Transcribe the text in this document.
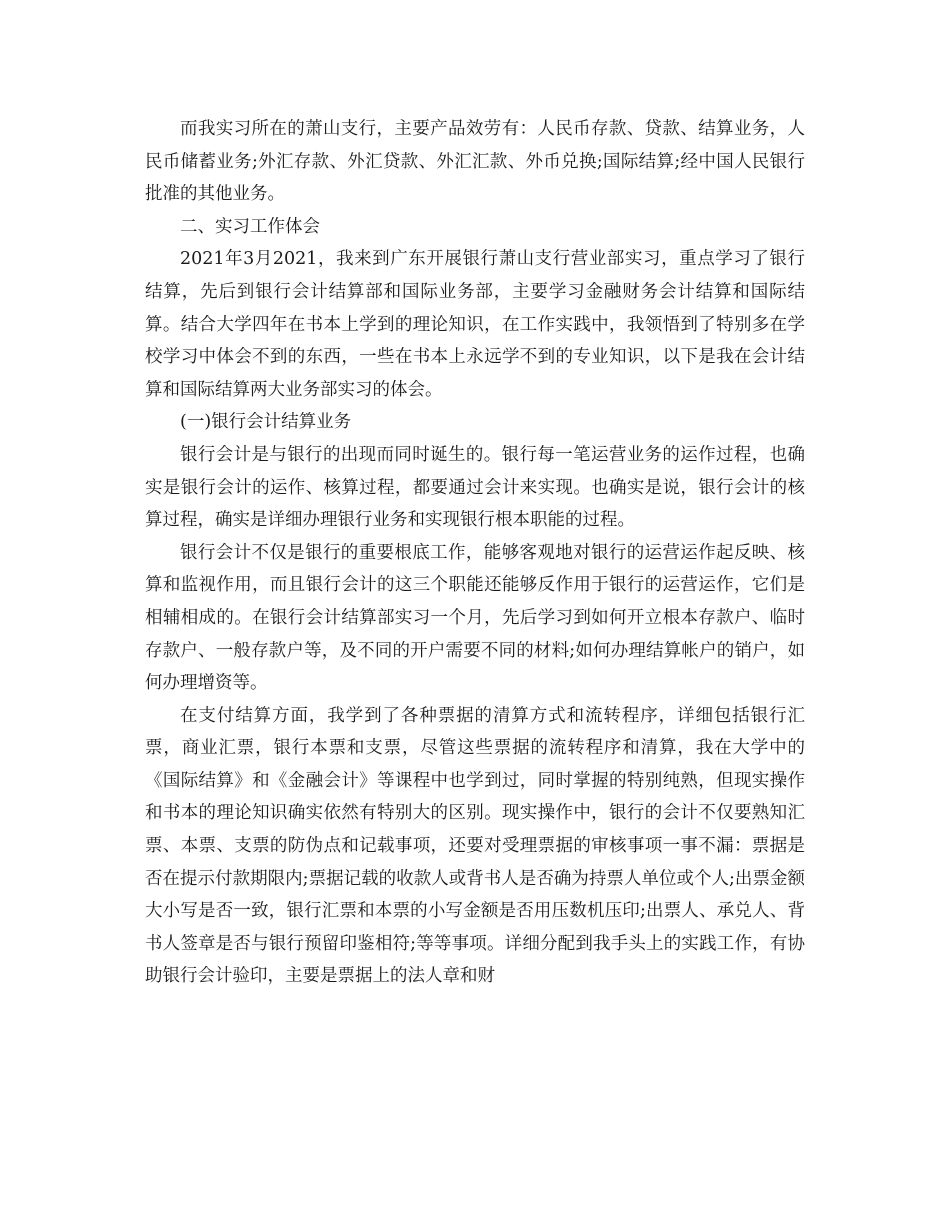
而我实习所在的萧山支行，主要产品效劳有：人民币存款、贷款、结算业务，人民币储蓄业务;外汇存款、外汇贷款、外汇汇款、外币兑换;国际结算;经中国人民银行批准的其他业务。

二、实习工作体会

2021年3月2021，我来到广东开展银行萧山支行营业部实习，重点学习了银行结算，先后到银行会计结算部和国际业务部，主要学习金融财务会计结算和国际结算。结合大学四年在书本上学到的理论知识，在工作实践中，我领悟到了特别多在学校学习中体会不到的东西，一些在书本上永远学不到的专业知识，以下是我在会计结算和国际结算两大业务部实习的体会。

(一)银行会计结算业务

银行会计是与银行的出现而同时诞生的。银行每一笔运营业务的运作过程，也确实是银行会计的运作、核算过程，都要通过会计来实现。也确实是说，银行会计的核算过程，确实是详细办理银行业务和实现银行根本职能的过程。

银行会计不仅是银行的重要根底工作，能够客观地对银行的运营运作起反映、核算和监视作用，而且银行会计的这三个职能还能够反作用于银行的运营运作，它们是相辅相成的。在银行会计结算部实习一个月，先后学习到如何开立根本存款户、临时存款户、一般存款户等，及不同的开户需要不同的材料;如何办理结算帐户的销户，如何办理增资等。

在支付结算方面，我学到了各种票据的清算方式和流转程序，详细包括银行汇票，商业汇票，银行本票和支票，尽管这些票据的流转程序和清算，我在大学中的《国际结算》和《金融会计》等课程中也学到过，同时掌握的特别纯熟，但现实操作和书本的理论知识确实依然有特别大的区别。现实操作中，银行的会计不仅要熟知汇票、本票、支票的防伪点和记载事项，还要对受理票据的审核事项一事不漏：票据是否在提示付款期限内;票据记载的收款人或背书人是否确为持票人单位或个人;出票金额大小写是否一致，银行汇票和本票的小写金额是否用压数机压印;出票人、承兑人、背书人签章是否与银行预留印鉴相符;等等事项。详细分配到我手头上的实践工作，有协助银行会计验印，主要是票据上的法人章和财
